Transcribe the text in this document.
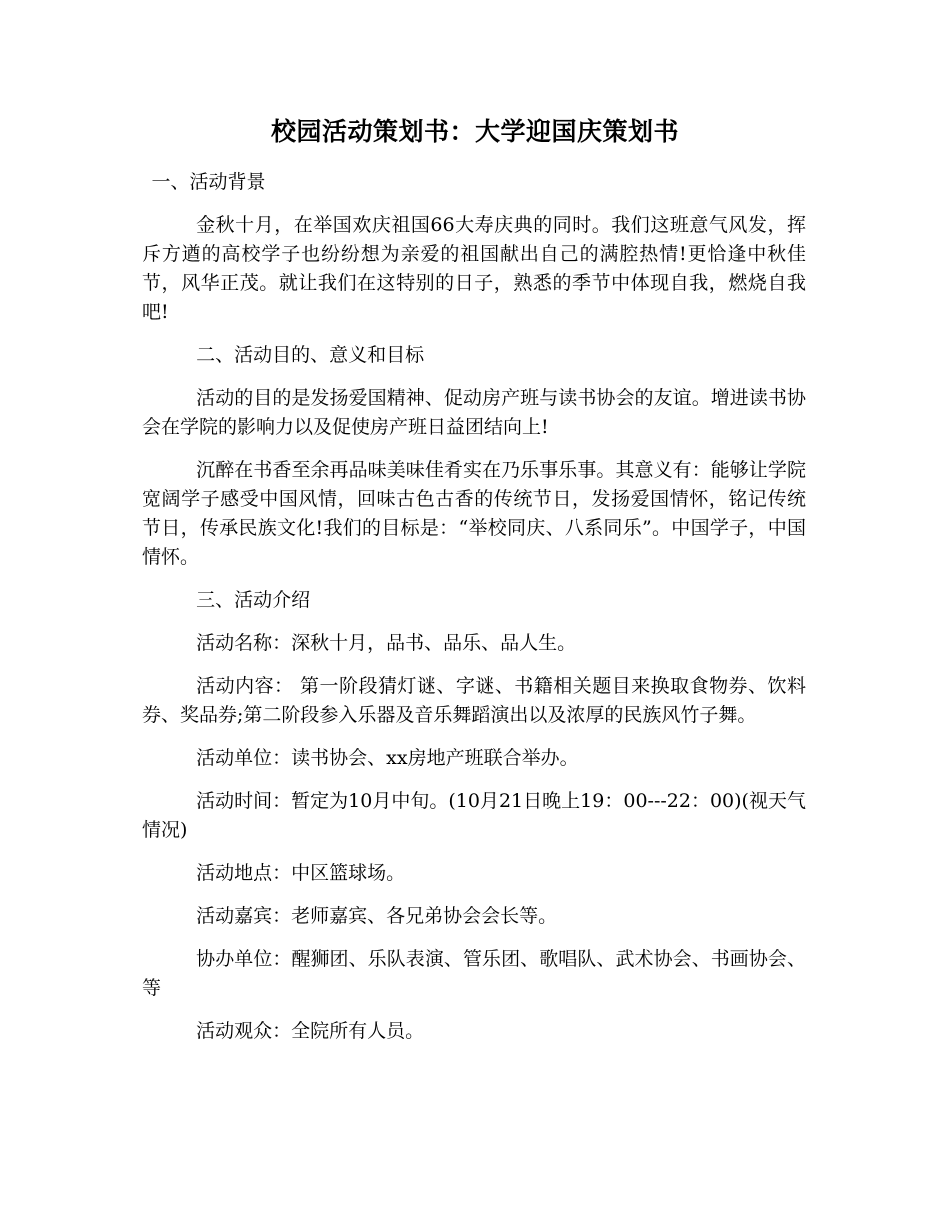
校园活动策划书：大学迎国庆策划书

一、活动背景

金秋十月，在举国欢庆祖国66大寿庆典的同时。我们这班意气风发，挥斥方遒的高校学子也纷纷想为亲爱的祖国献出自己的满腔热情!更恰逢中秋佳节，风华正茂。就让我们在这特别的日子，熟悉的季节中体现自我，燃烧自我吧!

二、活动目的、意义和目标

活动的目的是发扬爱国精神、促动房产班与读书协会的友谊。增进读书协会在学院的影响力以及促使房产班日益团结向上!

沉醉在书香至余再品味美味佳肴实在乃乐事乐事。其意义有：能够让学院宽阔学子感受中国风情，回味古色古香的传统节日，发扬爱国情怀，铭记传统节日，传承民族文化!我们的目标是：“举校同庆、八系同乐”。中国学子，中国情怀。

三、活动介绍

活动名称：深秋十月，品书、品乐、品人生。

活动内容： 第一阶段猜灯谜、字谜、书籍相关题目来换取食物券、饮料券、奖品券;第二阶段参入乐器及音乐舞蹈演出以及浓厚的民族风竹子舞。

活动单位：读书协会、xx房地产班联合举办。

活动时间：暂定为10月中旬。(10月21日晚上19：00---22：00)(视天气情况)

活动地点：中区篮球场。

活动嘉宾：老师嘉宾、各兄弟协会会长等。

协办单位：醒狮团、乐队表演、管乐团、歌唱队、武术协会、书画协会、等

活动观众：全院所有人员。
